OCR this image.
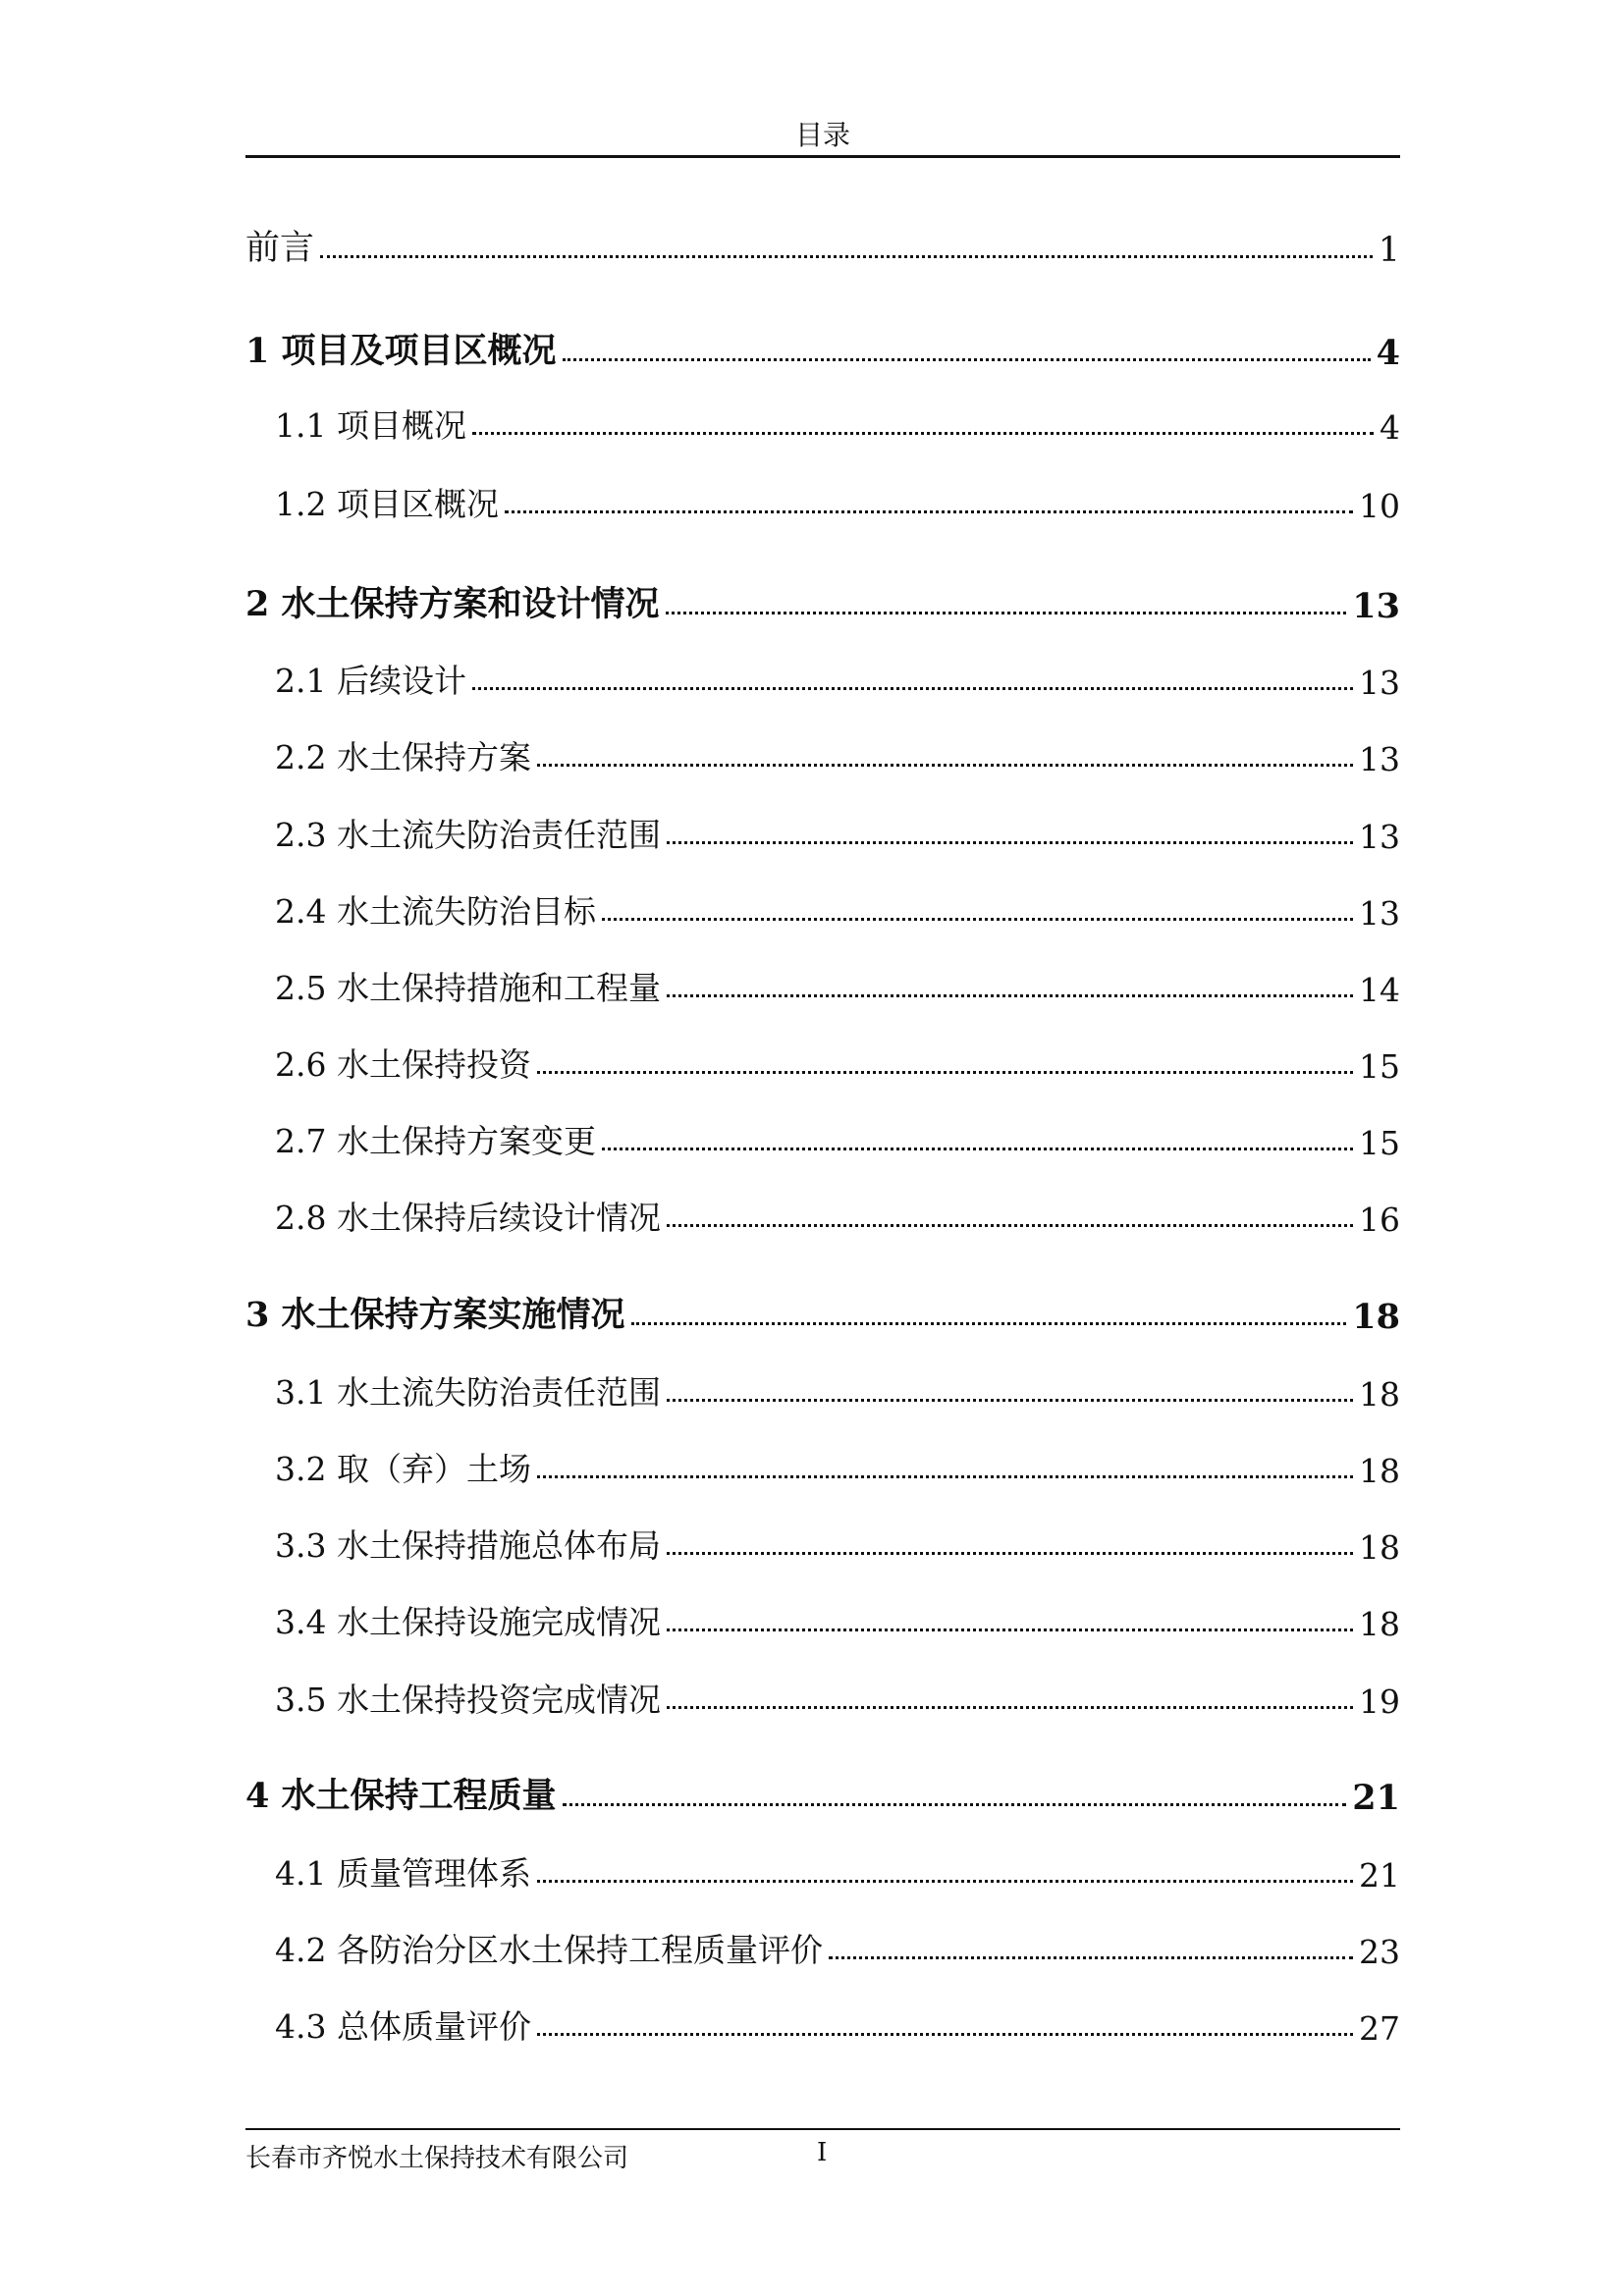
目录
前言	1
1 项目及项目区概况	4
1.1 项目概况	4
1.2 项目区概况	10
2 水土保持方案和设计情况	13
2.1 后续设计	13
2.2 水土保持方案	13
2.3 水土流失防治责任范围	13
2.4 水土流失防治目标	13
2.5 水土保持措施和工程量	14
2.6 水土保持投资	15
2.7 水土保持方案变更	15
2.8 水土保持后续设计情况	16
3 水土保持方案实施情况	18
3.1 水土流失防治责任范围	18
3.2 取（弃）土场	18
3.3 水土保持措施总体布局	18
3.4 水土保持设施完成情况	18
3.5 水土保持投资完成情况	19
4 水土保持工程质量	21
4.1 质量管理体系	21
4.2 各防治分区水土保持工程质量评价	23
4.3 总体质量评价	27
长春市齐悦水土保持技术有限公司	I
